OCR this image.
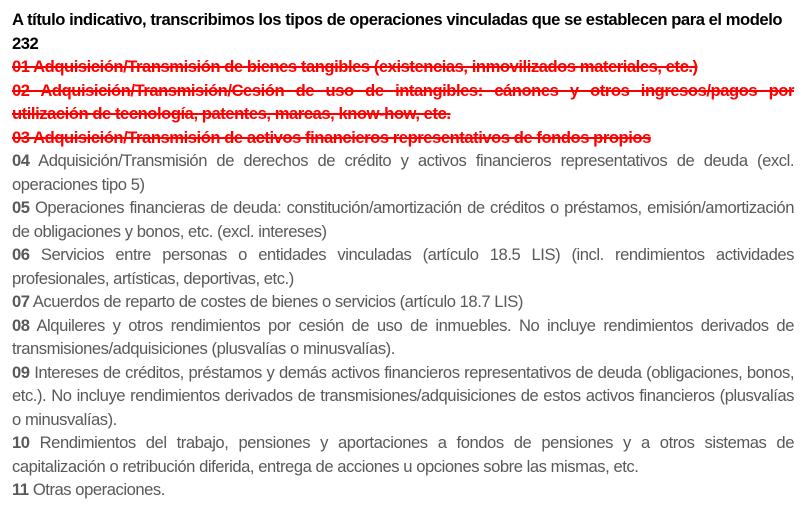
A título indicativo, transcribimos los tipos de operaciones vinculadas que se establecen para el modelo 232

01 Adquisición/Transmisión de bienes tangibles (existencias, inmovilizados materiales, etc.)

02 Adquisición/Transmisión/Cesión de uso de intangibles: cánones y otros ingresos/pagos por utilización de tecnología, patentes, marcas, know-how, etc.

03 Adquisición/Transmisión de activos financieros representativos de fondos propios

04 Adquisición/Transmisión de derechos de crédito y activos financieros representativos de deuda (excl. operaciones tipo 5)

05 Operaciones financieras de deuda: constitución/amortización de créditos o préstamos, emisión/amortización de obligaciones y bonos, etc. (excl. intereses)

06 Servicios entre personas o entidades vinculadas (artículo 18.5 LIS) (incl. rendimientos actividades profesionales, artísticas, deportivas, etc.)

07 Acuerdos de reparto de costes de bienes o servicios (artículo 18.7 LIS)

08 Alquileres y otros rendimientos por cesión de uso de inmuebles. No incluye rendimientos derivados de transmisiones/adquisiciones (plusvalías o minusvalías).

09 Intereses de créditos, préstamos y demás activos financieros representativos de deuda (obligaciones, bonos, etc.). No incluye rendimientos derivados de transmisiones/adquisiciones de estos activos financieros (plusvalías o minusvalías).

10 Rendimientos del trabajo, pensiones y aportaciones a fondos de pensiones y a otros sistemas de capitalización o retribución diferida, entrega de acciones u opciones sobre las mismas, etc.

11 Otras operaciones.
